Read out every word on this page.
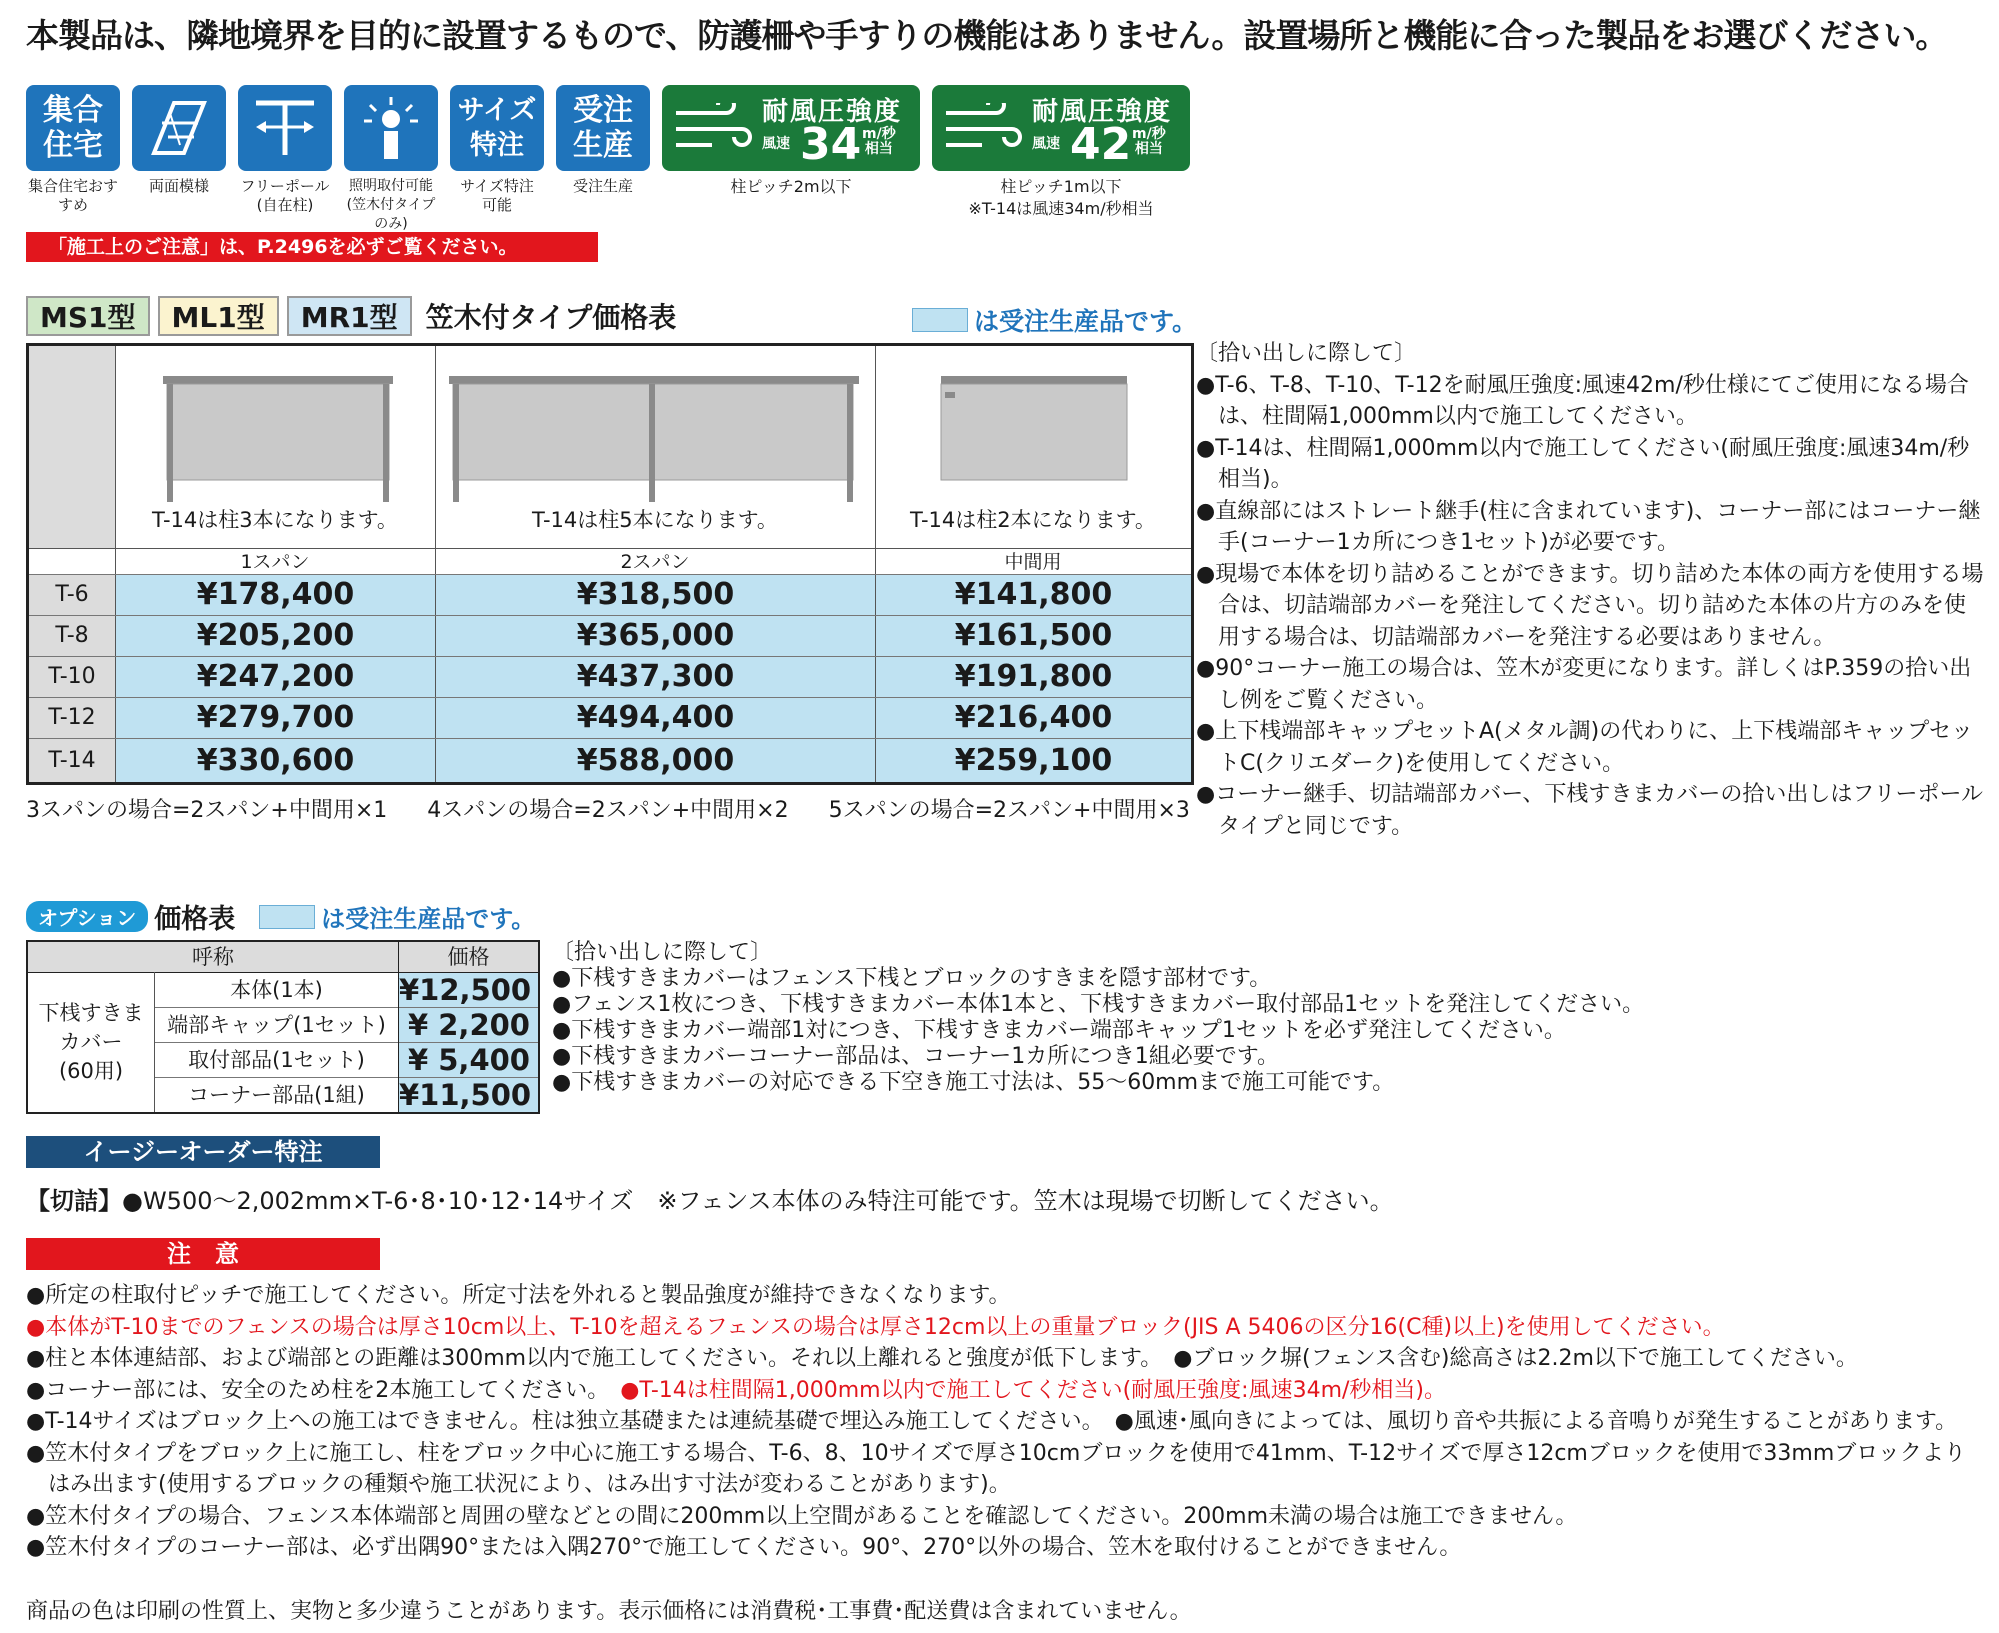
本製品は、隣地境界を目的に設置するもので、防護柵や手すりの機能はありません。設置場所と機能に合った製品をお選びください。
集合
住宅
集合住宅おすすめ
両面模様 フリーポール
(自在柱)
照明取付可能
(笠木付タイプのみ)
サイズ
特注
サイズ特注
可能
受注
生産
受注生産
耐風圧強度
風速 34 m/秒
相当
柱ピッチ2m以下
耐風圧強度
風速 42 m/秒
相当
柱ピッチ1m以下
※T-14は風速34m/秒相当
「施工上のご注意」は、P.2496を必ずご覧ください。
MS1型	ML1型	MR1型	笠木付タイプ価格表	は受注生産品です。
T-14は柱3本になります。	T-14は柱5本になります。	T-14は柱2本になります。
1スパン	2スパン	中間用
T-6	¥178,400	¥318,500	¥141,800
T-8	¥205,200	¥365,000	¥161,500
T-10	¥247,200	¥437,300	¥191,800
T-12	¥279,700	¥494,400	¥216,400
T-14	¥330,600	¥588,000	¥259,100
3スパンの場合=2スパン+中間用×1 4スパンの場合=2スパン+中間用×2 5スパンの場合=2スパン+中間用×3
〔拾い出しに際して〕
●T-6、T-8、T-10、T-12を耐風圧強度:風速42m/秒仕様にてご使用になる場合は、柱間隔1,000mm以内で施工してください。
●T-14は、柱間隔1,000mm以内で施工してください(耐風圧強度:風速34m/秒相当)。
●直線部にはストレート継手(柱に含まれています)、コーナー部にはコーナー継手(コーナー1カ所につき1セット)が必要です。
●現場で本体を切り詰めることができます。切り詰めた本体の両方を使用する場合は、切詰端部カバーを発注してください。切り詰めた本体の片方のみを使用する場合は、切詰端部カバーを発注する必要はありません。
●90°コーナー施工の場合は、笠木が変更になります。詳しくはP.359の拾い出し例をご覧ください。
●上下桟端部キャップセットA(メタル調)の代わりに、上下桟端部キャップセットC(クリエダーク)を使用してください。
●コーナー継手、切詰端部カバー、下桟すきまカバーの拾い出しはフリーポールタイプと同じです。
オプション 価格表	は受注生産品です。
呼称	価格
下桟すきま
カバー
(60用)
本体(1本)	¥12,500
端部キャップ(1セット) ¥ 2,200
取付部品(1セット)	¥ 5,400
コーナー部品(1組)	¥11,500
〔拾い出しに際して〕
●下桟すきまカバーはフェンス下桟とブロックのすきまを隠す部材です。
●フェンス1枚につき、下桟すきまカバー本体1本と、下桟すきまカバー取付部品1セットを発注してください。
●下桟すきまカバー端部1対につき、下桟すきまカバー端部キャップ1セットを必ず発注してください。
●下桟すきまカバーコーナー部品は、コーナー1カ所につき1組必要です。
●下桟すきまカバーの対応できる下空き施工寸法は、55〜60mmまで施工可能です。
イージーオーダー特注
【切詰】●W500〜2,002mm×T-6･8･10･12･14サイズ　※フェンス本体のみ特注可能です。笠木は現場で切断してください。
注　意
●所定の柱取付ピッチで施工してください。所定寸法を外れると製品強度が維持できなくなります。
●本体がT-10までのフェンスの場合は厚さ10cm以上、T-10を超えるフェンスの場合は厚さ12cm以上の重量ブロック(JIS A 5406の区分16(C種)以上)を使用してください。
●柱と本体連結部、および端部との距離は300mm以内で施工してください。それ以上離れると強度が低下します。　●ブロック塀(フェンス含む)総高さは2.2m以下で施工してください。
●コーナー部には、安全のため柱を2本施工してください。　●T-14は柱間隔1,000mm以内で施工してください(耐風圧強度:風速34m/秒相当)。
●T-14サイズはブロック上への施工はできません。柱は独立基礎または連続基礎で埋込み施工してください。　●風速･風向きによっては、風切り音や共振による音鳴りが発生することがあります。
●笠木付タイプをブロック上に施工し、柱をブロック中心に施工する場合、T-6、8、10サイズで厚さ10cmブロックを使用で41mm、T-12サイズで厚さ12cmブロックを使用で33mmブロックよりはみ出ます(使用するブロックの種類や施工状況により、はみ出す寸法が変わることがあります)。
●笠木付タイプの場合、フェンス本体端部と周囲の壁などとの間に200mm以上空間があることを確認してください。200mm未満の場合は施工できません。
●笠木付タイプのコーナー部は、必ず出隅90°または入隅270°で施工してください。90°、270°以外の場合、笠木を取付けることができません。
商品の色は印刷の性質上、実物と多少違うことがあります。表示価格には消費税･工事費･配送費は含まれていません。
